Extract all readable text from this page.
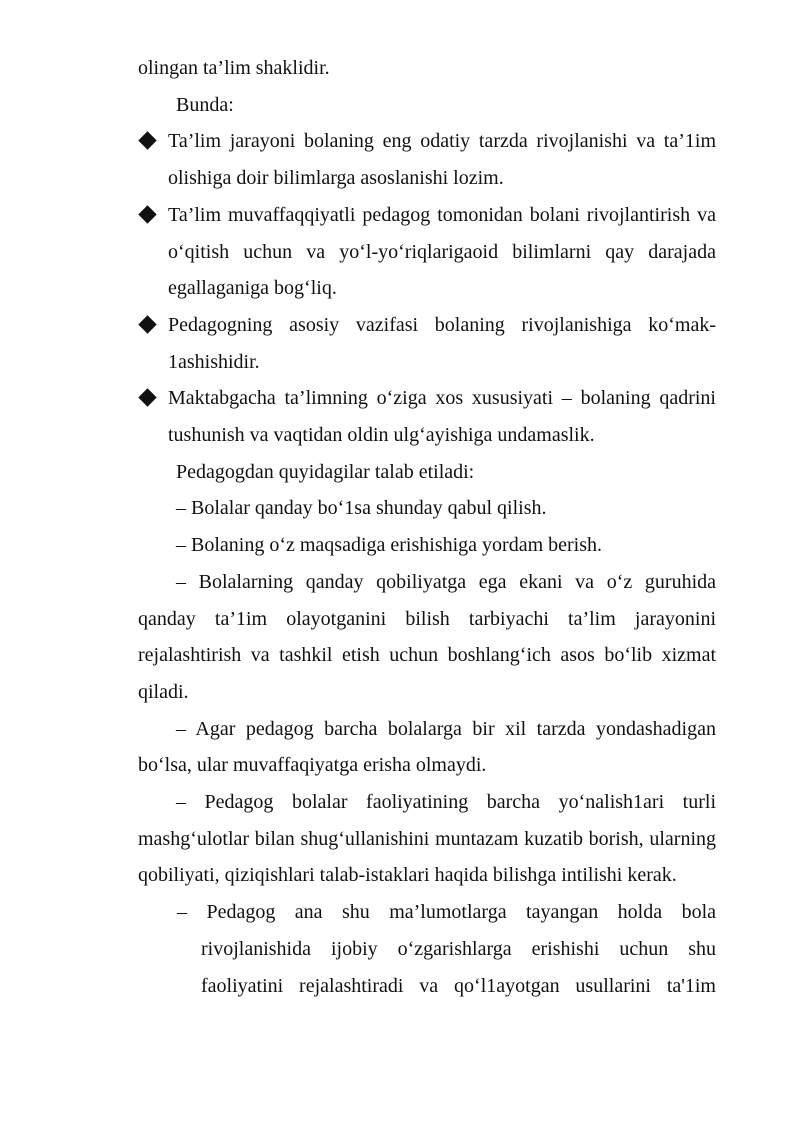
olingan ta’lim shaklidir.

Bunda:

Ta’lim jarayoni bolaning eng odatiy tarzda rivojlanishi va ta’1im olishiga doir bilimlarga asoslanishi lozim.
Ta’lim muvaffaqqiyatli pedagog tomonidan bolani rivojlantirish va o‘qitish uchun va yo‘l-yo‘riqlarigaoid bilimlarni qay darajada egallaganiga bog‘liq.
Pedagogning asosiy vazifasi bolaning rivojlanishiga ko‘mak-1ashishidir.
Maktabgacha ta’limning o‘ziga xos xususiyati – bolaning qadrini tushunish va vaqtidan oldin ulg‘ayishiga undamaslik.

Pedagogdan quyidagilar talab etiladi:

– Bolalar qanday bo‘1sa shunday qabul qilish.

– Bolaning o‘z maqsadiga erishishiga yordam berish.

– Bolalarning qanday qobiliyatga ega ekani va o‘z guruhida qanday ta’1im olayotganini bilish tarbiyachi ta’lim jarayonini rejalashtirish va tashkil etish uchun boshlang‘ich asos bo‘lib xizmat qiladi.

– Agar pedagog barcha bolalarga bir xil tarzda yondashadigan bo‘lsa, ular muvaffaqiyatga erisha olmaydi.

– Pedagog bolalar faoliyatining barcha yo‘nalish1ari turli mashg‘ulotlar bilan shug‘ullanishini muntazam kuzatib borish, ularning qobiliyati, qiziqishlari talab-istaklari haqida bilishga intilishi kerak.

– Pedagog ana shu ma’lumotlarga tayangan holda bola rivojlanishida ijobiy o‘zgarishlarga erishishi uchun shu faoliyatini rejalashtiradi va qo‘l1ayotgan usullarini ta'1im
